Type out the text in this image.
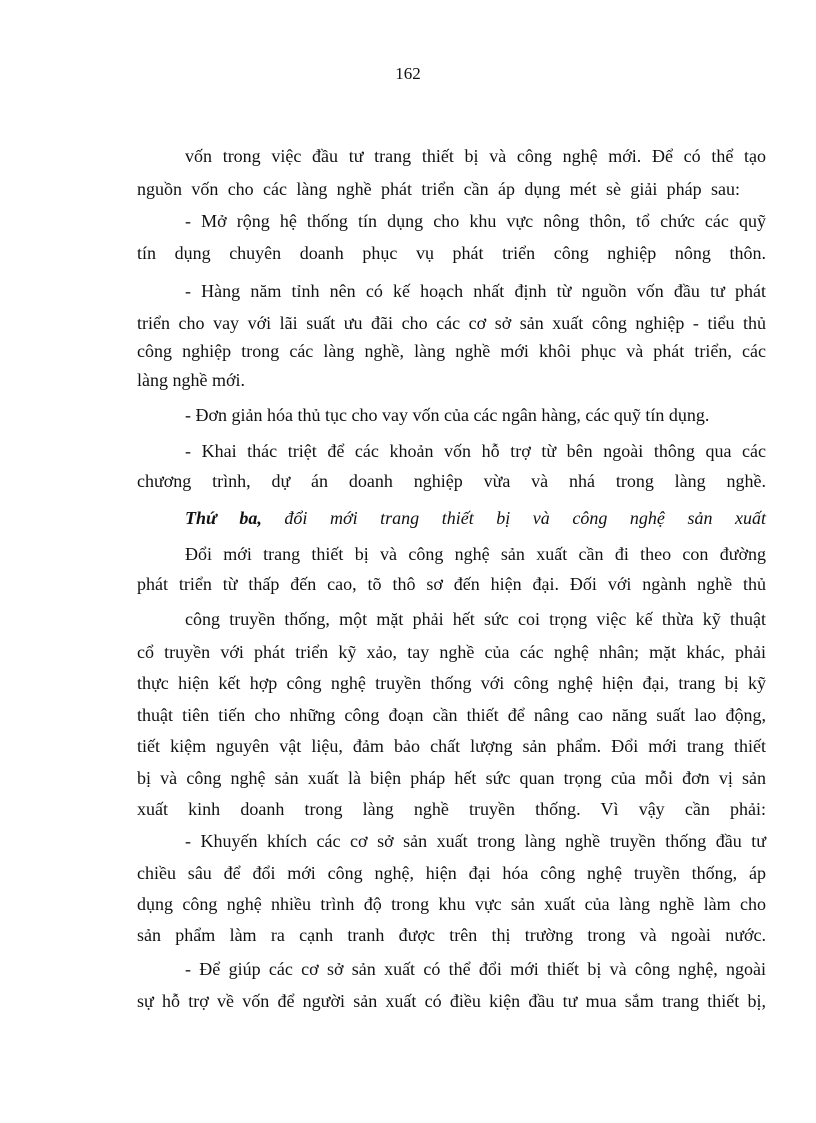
162
vốn trong việc đầu tư trang thiết bị và công nghệ mới. Để có thể tạo
nguồn vốn cho các làng nghề phát triển cần áp dụng mét sè giải pháp sau:
- Mở rộng hệ thống tín dụng cho khu vực nông thôn, tổ chức các quỹ
tín dụng chuyên doanh phục vụ phát triển công nghiệp nông thôn.
- Hàng năm tỉnh nên có kế hoạch nhất định từ nguồn vốn đầu tư phát
triển cho vay với lãi suất ưu đãi cho các cơ sở sản xuất công nghiệp - tiểu thủ
công nghiệp trong các làng nghề, làng nghề mới khôi phục và phát triển, các
làng nghề mới.
- Đơn giản hóa thủ tục cho vay vốn của các ngân hàng, các quỹ tín dụng.
- Khai thác triệt để các khoản vốn hỗ trợ từ bên ngoài thông qua các
chương trình, dự án doanh nghiệp vừa và nhá trong làng nghề.
Thứ ba, đổi mới trang thiết bị và công nghệ sản xuất
Đổi mới trang thiết bị và công nghệ sản xuất cần đi theo con đường
phát triển từ thấp đến cao, tõ thô sơ đến hiện đại. Đối với ngành nghề thủ
công truyền thống, một mặt phải hết sức coi trọng việc kế thừa kỹ thuật
cổ truyền với phát triển kỹ xảo, tay nghề của các nghệ nhân; mặt khác, phải
thực hiện kết hợp công nghệ truyền thống với công nghệ hiện đại, trang bị kỹ
thuật tiên tiến cho những công đoạn cần thiết để nâng cao năng suất lao động,
tiết kiệm nguyên vật liệu, đảm bảo chất lượng sản phẩm. Đổi mới trang thiết
bị và công nghệ sản xuất là biện pháp hết sức quan trọng của mỗi đơn vị sản
xuất kinh doanh trong làng nghề truyền thống. Vì vậy cần phải:
- Khuyến khích các cơ sở sản xuất trong làng nghề truyền thống đầu tư
chiều sâu để đổi mới công nghệ, hiện đại hóa công nghệ truyền thống, áp
dụng công nghệ nhiều trình độ trong khu vực sản xuất của làng nghề làm cho
sản phẩm làm ra cạnh tranh được trên thị trường trong và ngoài nước.
- Để giúp các cơ sở sản xuất có thể đổi mới thiết bị và công nghệ, ngoài
sự hỗ trợ về vốn để người sản xuất có điều kiện đầu tư mua sắm trang thiết bị,
